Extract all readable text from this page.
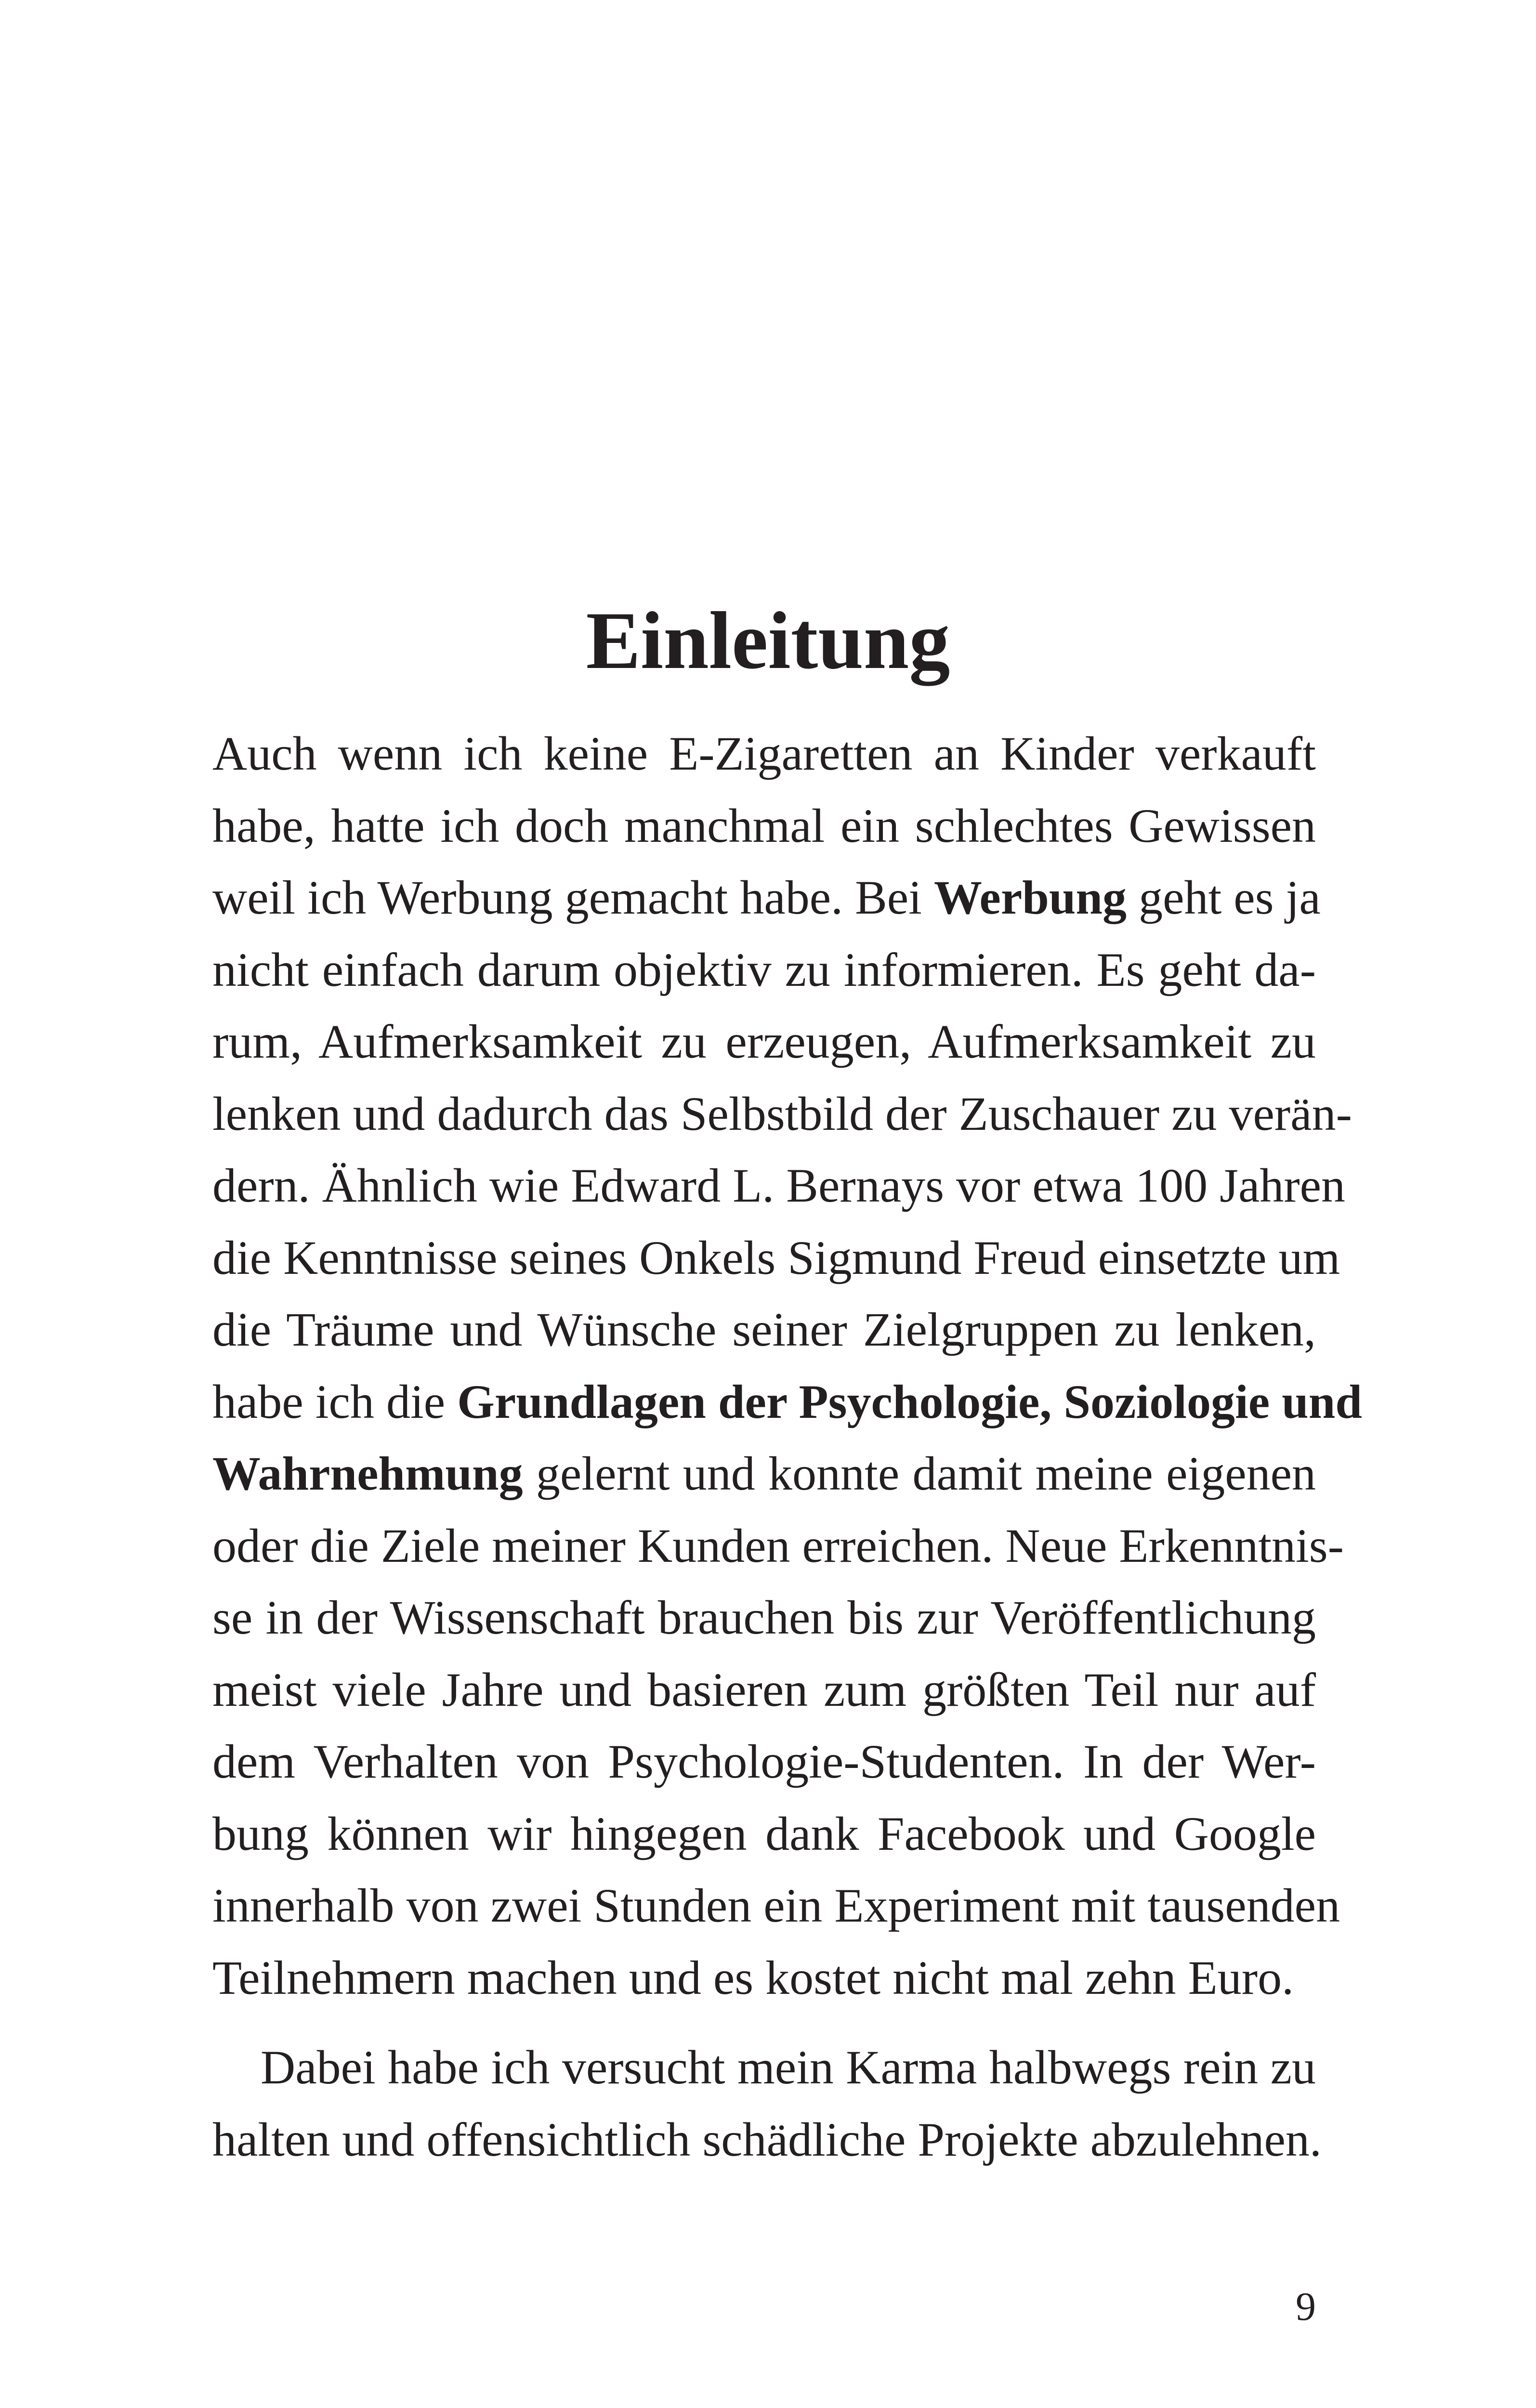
Einleitung
Auch wenn ich keine E-Zigaretten an Kinder verkauft
habe, hatte ich doch manchmal ein schlechtes Gewissen
weil ich Werbung gemacht habe. Bei Werbung geht es ja
nicht einfach darum objektiv zu informieren. Es geht da-
rum, Aufmerksamkeit zu erzeugen, Aufmerksamkeit zu
lenken und dadurch das Selbstbild der Zuschauer zu verän-
dern. Ähnlich wie Edward L. Bernays vor etwa 100 Jahren
die Kenntnisse seines Onkels Sigmund Freud einsetzte um
die Träume und Wünsche seiner Zielgruppen zu lenken,
habe ich die Grundlagen der Psychologie, Soziologie und
Wahrnehmung gelernt und konnte damit meine eigenen
oder die Ziele meiner Kunden erreichen. Neue Erkenntnis-
se in der Wissenschaft brauchen bis zur Veröffentlichung
meist viele Jahre und basieren zum größten Teil nur auf
dem Verhalten von Psychologie-Studenten. In der Wer-
bung können wir hingegen dank Facebook und Google
innerhalb von zwei Stunden ein Experiment mit tausenden
Teilnehmern machen und es kostet nicht mal zehn Euro.
Dabei habe ich versucht mein Karma halbwegs rein zu
halten und offensichtlich schädliche Projekte abzulehnen.
9
